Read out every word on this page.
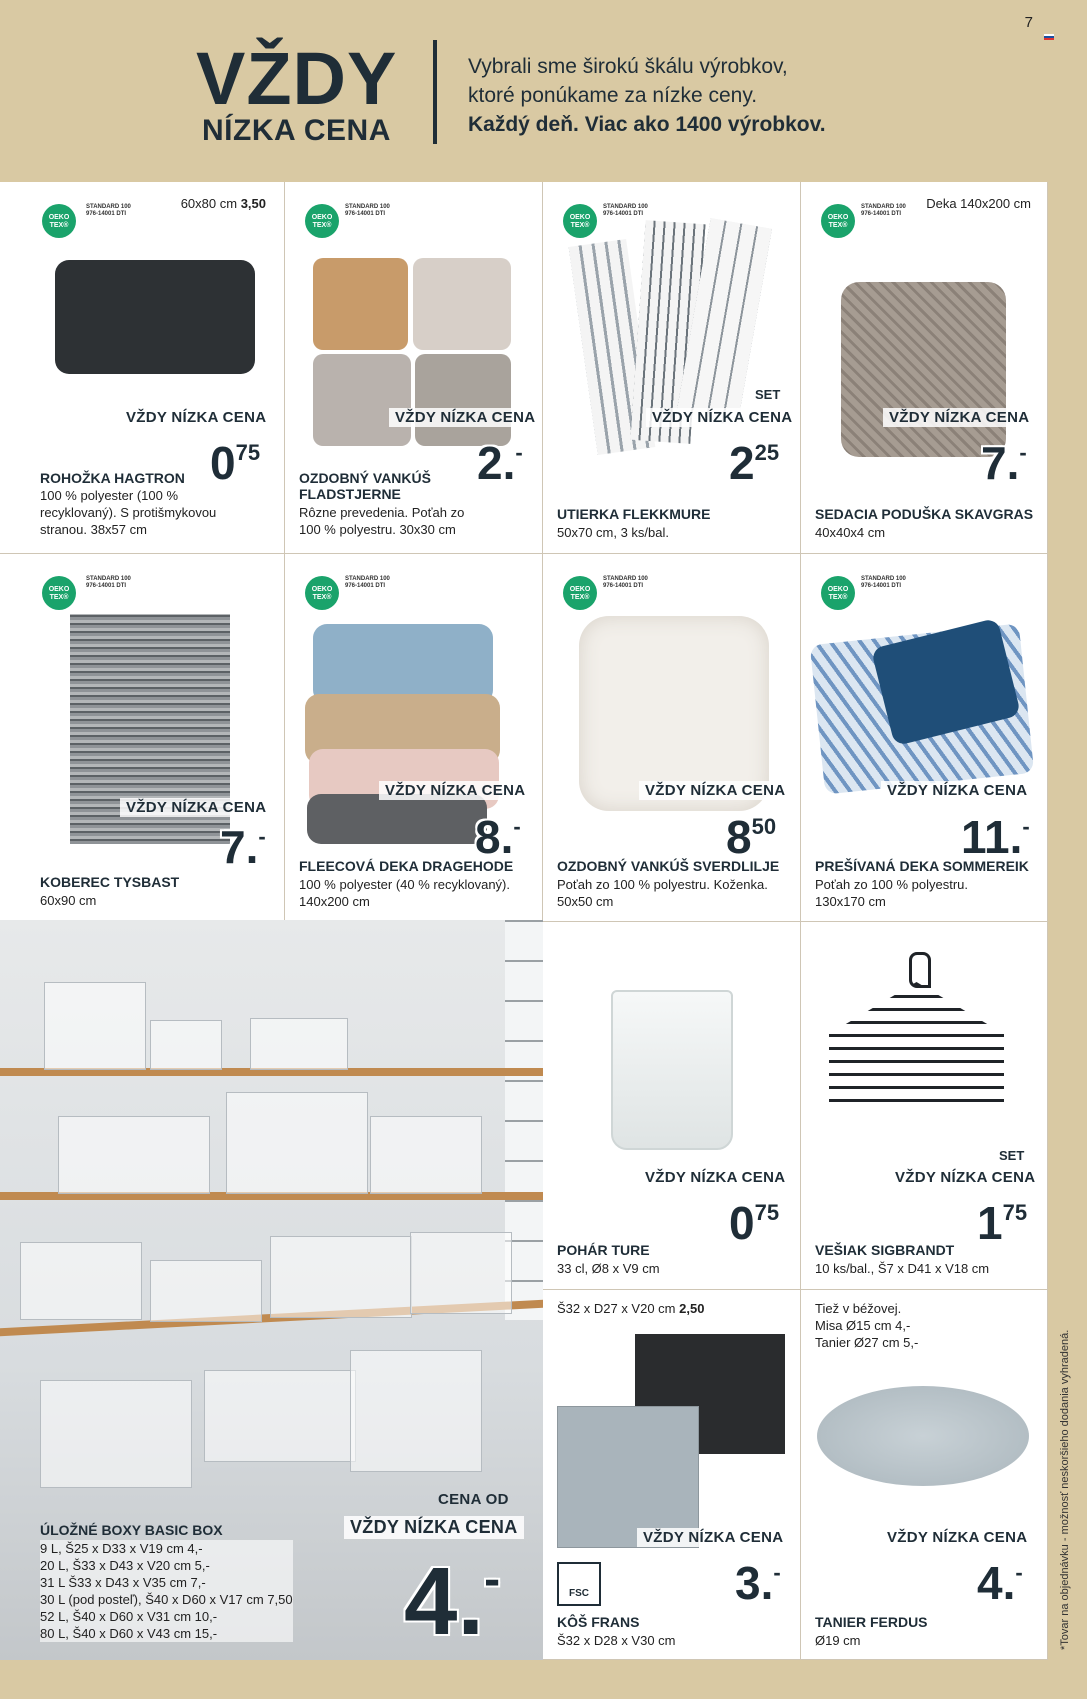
7
VŽDY
NÍZKA CENA
Vybrali sme širokú škálu výrobkov,
ktoré ponúkame za nízke ceny.
Každý deň. Viac ako 1400 výrobkov.
OEKO TEX®
STANDARD 100
976-14001 DTI
60x80 cm 3,50
VŽDY NÍZKA CENA
$0^{75}$
ROHOŽKA HAGTRON
100 % polyester (100 %
recyklovaný). S protišmykovou
stranou. 38x57 cm
OEKO TEX®
STANDARD 100
976-14001 DTI
VŽDY NÍZKA CENA
2.-
OZDOBNÝ VANKÚŠ
FLADSTJERNE
Rôzne prevedenia. Poťah zo
100 % polyestru. 30x30 cm
OEKO TEX®
STANDARD 100
976-14001 DTI
SET
VŽDY NÍZKA CENA
$2^{25}$
UTIERKA FLEKKMURE
50x70 cm, 3 ks/bal.
OEKO TEX®
STANDARD 100
976-14001 DTI
Deka 140x200 cm
VŽDY NÍZKA CENA
7.-
SEDACIA PODUŠKA SKAVGRAS
40x40x4 cm
OEKO TEX®
STANDARD 100
976-14001 DTI
VŽDY NÍZKA CENA
7.-
KOBEREC TYSBAST
60x90 cm
OEKO TEX®
STANDARD 100
976-14001 DTI
VŽDY NÍZKA CENA
8.-
FLEECOVÁ DEKA DRAGEHODE
100 % polyester (40 % recyklovaný).
140x200 cm
OEKO TEX®
STANDARD 100
976-14001 DTI
VŽDY NÍZKA CENA
$8^{50}$
OZDOBNÝ VANKÚŠ SVERDLILJE
Poťah zo 100 % polyestru. Koženka.
50x50 cm
OEKO TEX®
STANDARD 100
976-14001 DTI
VŽDY NÍZKA CENA
11.-
PREŠÍVANÁ DEKA SOMMEREIK
Poťah zo 100 % polyestru.
130x170 cm
CENA OD
VŽDY NÍZKA CENA
ÚLOŽNÉ BOXY BASIC BOX
9 L, Š25 x D33 x V19 cm 4,-
20 L, Š33 x D43 x V20 cm 5,-
31 L Š33 x D43 x V35 cm 7,-
30 L (pod posteľ), Š40 x D60 x V17 cm 7,50
52 L, Š40 x D60 x V31 cm 10,-
80 L, Š40 x D60 x V43 cm 15,-	4.-
VŽDY NÍZKA CENA
$0^{75}$
POHÁR TURE
33 cl, Ø8 x V9 cm
SET
VŽDY NÍZKA CENA
$1^{75}$
VEŠIAK SIGBRANDT
10 ks/bal., Š7 x D41 x V18 cm
Š32 x D27 x V20 cm 2,50
VŽDY NÍZKA CENA
FSC	3.-
KÔŠ FRANS
Š32 x D28 x V30 cm
Tiež v béžovej.
Misa Ø15 cm 4,-
Tanier Ø27 cm 5,-
VŽDY NÍZKA CENA
4.-
TANIER FERDUS
Ø19 cm	*Tovar na objednávku - možnosť neskoršieho dodania vyhradená.
